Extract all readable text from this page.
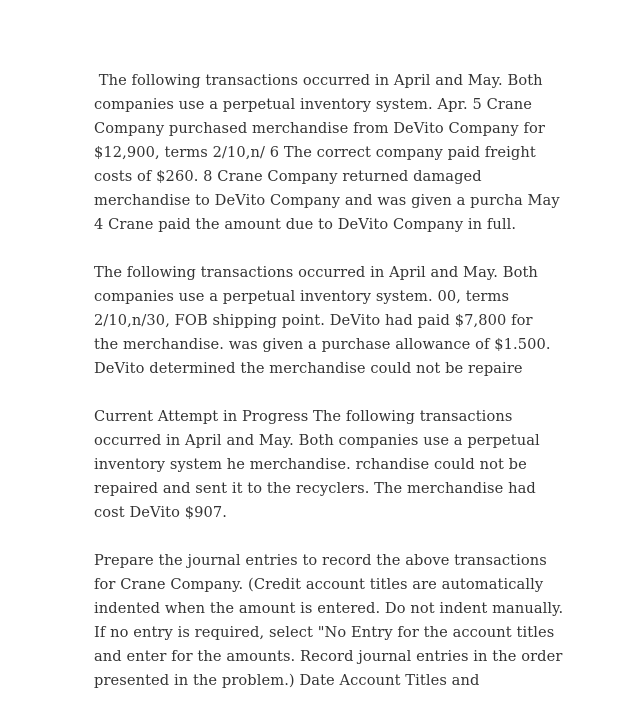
The following transactions occurred in April and May. Both
companies use a perpetual inventory system. Apr. 5 Crane
Company purchased merchandise from DeVito Company for
$12,900, terms 2/10,n/ 6 The correct company paid freight
costs of $260. 8 Crane Company returned damaged
merchandise to DeVito Company and was given a purcha May
4 Crane paid the amount due to DeVito Company in full.

The following transactions occurred in April and May. Both
companies use a perpetual inventory system. 00, terms
2/10,n/30, FOB shipping point. DeVito had paid $7,800 for
the merchandise. was given a purchase allowance of $1.500.
DeVito determined the merchandise could not be repaire

Current Attempt in Progress The following transactions
occurred in April and May. Both companies use a perpetual
inventory system he merchandise. rchandise could not be
repaired and sent it to the recyclers. The merchandise had
cost DeVito $907.

Prepare the journal entries to record the above transactions
for Crane Company. (Credit account titles are automatically
indented when the amount is entered. Do not indent manually.
If no entry is required, select "No Entry for the account titles
and enter for the amounts. Record journal entries in the order
presented in the problem.) Date Account Titles and
